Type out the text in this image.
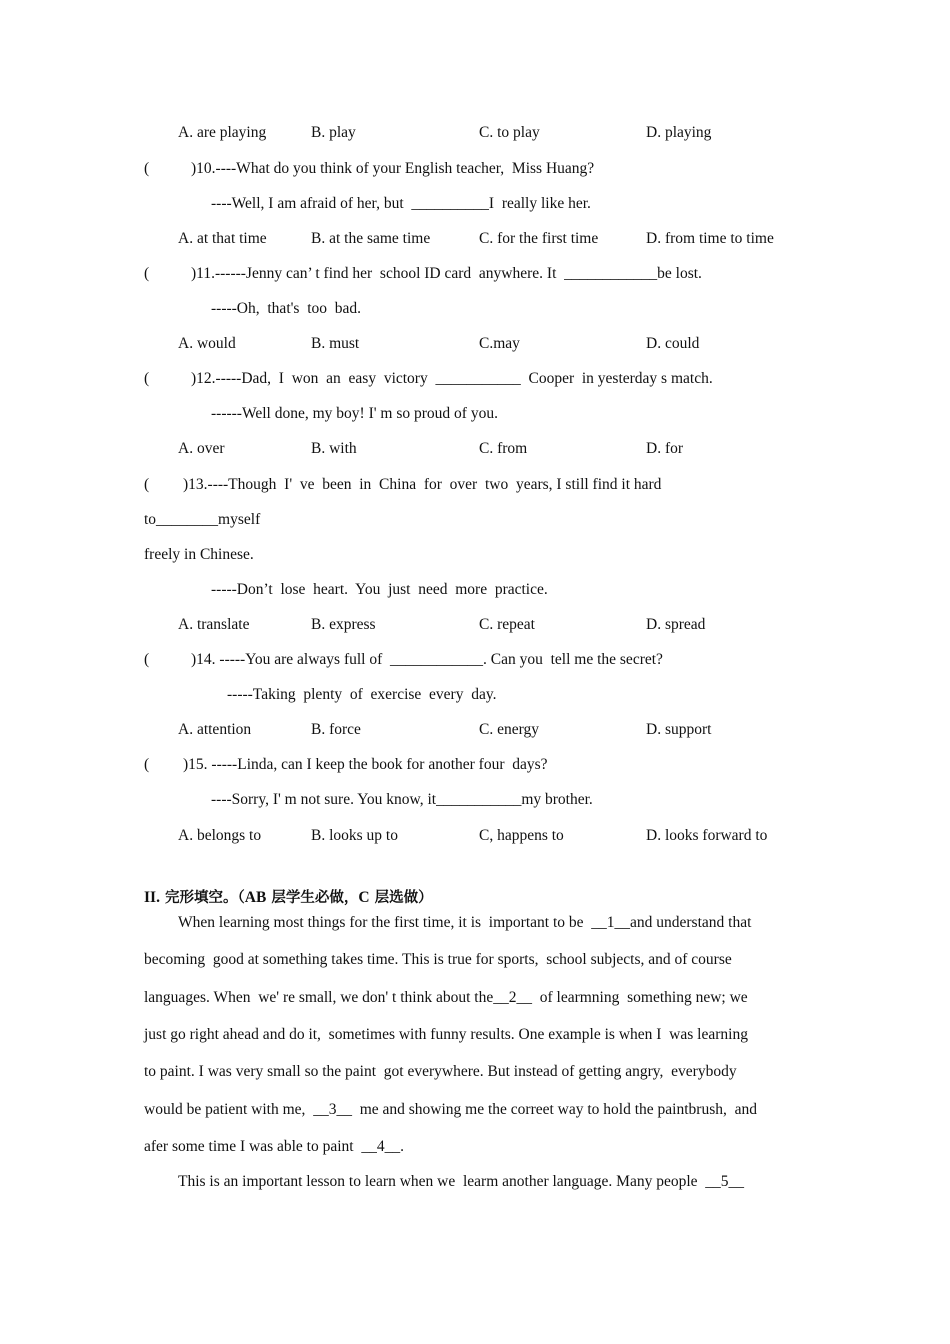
A. are playing	B. play	C. to play	D. playing
(	)10.----What do you think of your English teacher,  Miss Huang?
----Well, I am afraid of her, but  __________I  really like her.
A. at that time	B. at the same time	C. for the first time	D. from time to time
(	)11.------Jenny can’ t find her  school ID card  anywhere. It  ____________be lost.
-----Oh,  that's  too  bad.
A. would	B. must	C.may	D. could
(	)12.-----Dad,  I  won  an  easy  victory  ___________  Cooper  in yesterday s match.
------Well done, my boy! I' m so proud of you.
A. over	B. with	C. from	D. for
( )13.----Though  I'  ve  been  in  China  for  over  two  years, I still find it hard
to________myself
freely in Chinese.
-----Don’t  lose  heart.  You  just  need  more  practice.
A. translate	B. express	C. repeat	D. spread
(	)14. -----You are always full of  ____________. Can you  tell me the secret?
-----Taking  plenty  of  exercise  every  day.
A. attention	B. force	C. energy	D. support
( )15. -----Linda, can I keep the book for another four  days?
----Sorry, I' m not sure. You know, it___________my brother.
A. belongs to	B. looks up to	C, happens to	D. looks forward to
II. 完形填空。（AB 层学生必做，C 层选做）
When learning most things for the first time, it is  important to be  __1__and understand that
becoming  good at something takes time. This is true for sports,  school subjects, and of course
languages. When  we' re small, we don' t think about the__2__  of learmning  something new; we
just go right ahead and do it,  sometimes with funny results. One example is when I  was learning
to paint. I was very small so the paint  got everywhere. But instead of getting angry,  everybody
would be patient with me,  __3__  me and showing me the correet way to hold the paintbrush,  and
afer some time I was able to paint  __4__.
This is an important lesson to learn when we  learm another language. Many people  __5__
